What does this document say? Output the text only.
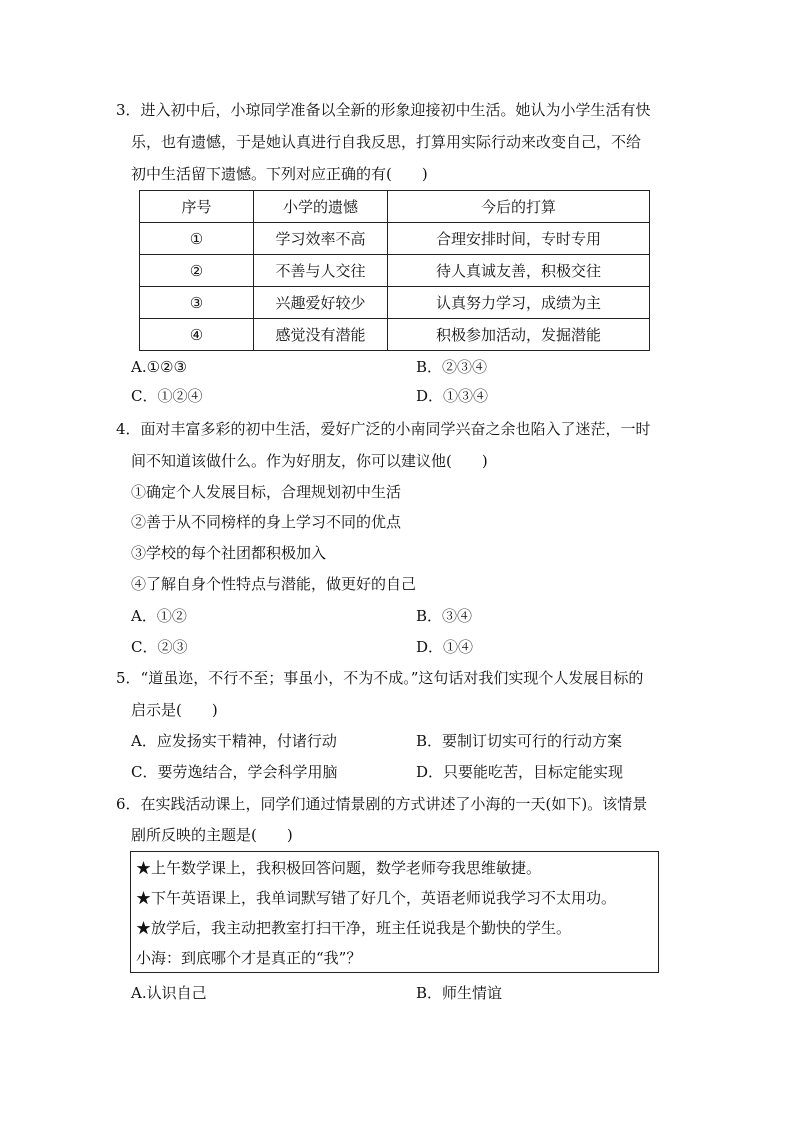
3．进入初中后，小琼同学准备以全新的形象迎接初中生活。她认为小学生活有快
乐，也有遗憾，于是她认真进行自我反思，打算用实际行动来改变自己，不给
初中生活留下遗憾。下列对应正确的有(　　)
序号	小学的遗憾	今后的打算
①	学习效率不高	合理安排时间，专时专用
②	不善与人交往	待人真诚友善，积极交往
③	兴趣爱好较少	认真努力学习，成绩为主
④	感觉没有潜能	积极参加活动，发掘潜能
A.①②③	B．②③④
C．①②④	D．①③④
4．面对丰富多彩的初中生活，爱好广泛的小南同学兴奋之余也陷入了迷茫，一时
间不知道该做什么。作为好朋友，你可以建议他(　　)
①确定个人发展目标，合理规划初中生活
②善于从不同榜样的身上学习不同的优点
③学校的每个社团都积极加入
④了解自身个性特点与潜能，做更好的自己
A．①②	B．③④
C．②③	D．①④
5．“道虽迩，不行不至；事虽小，不为不成。”这句话对我们实现个人发展目标的
启示是(　　)
A．应发扬实干精神，付诸行动	B．要制订切实可行的行动方案
C．要劳逸结合，学会科学用脑	D．只要能吃苦，目标定能实现
6．在实践活动课上，同学们通过情景剧的方式讲述了小海的一天(如下)。该情景
剧所反映的主题是(　　)
★上午数学课上，我积极回答问题，数学老师夸我思维敏捷。
★下午英语课上，我单词默写错了好几个，英语老师说我学习不太用功。
★放学后，我主动把教室打扫干净，班主任说我是个勤快的学生。
小海：到底哪个才是真正的“我”？
A.认识自己	B．师生情谊
